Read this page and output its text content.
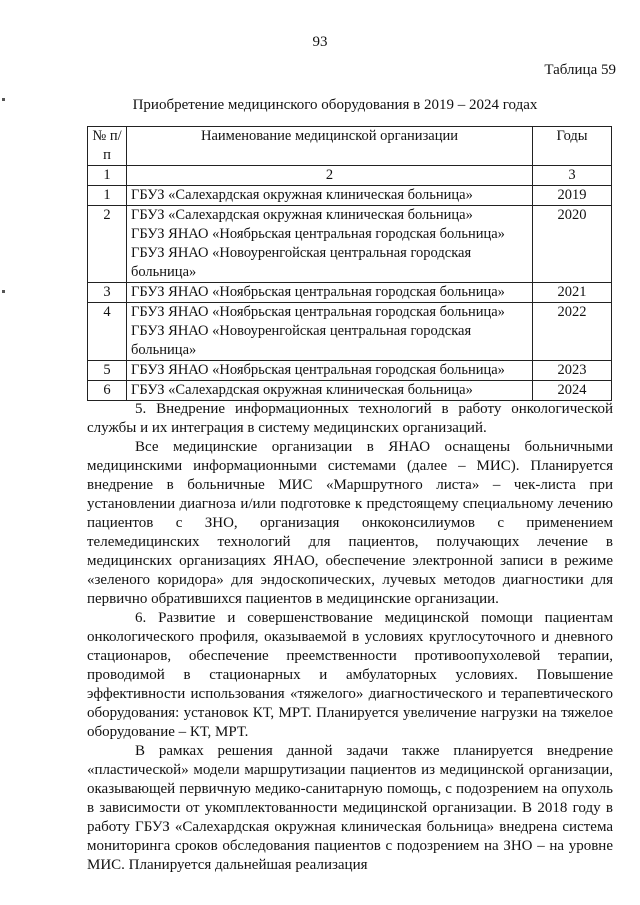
93
Таблица 59
Приобретение медицинского оборудования в 2019 – 2024 годах
№ п/п	Наименование медицинской организации	Годы
1	2	3
1	ГБУЗ «Салехардская окружная клиническая больница»	2019
2	ГБУЗ «Салехардская окружная клиническая больница»
ГБУЗ ЯНАО «Ноябрьская центральная городская больница»
ГБУЗ ЯНАО «Новоуренгойская центральная городская больница»	2020
3	ГБУЗ ЯНАО «Ноябрьская центральная городская больница»	2021
4	ГБУЗ ЯНАО «Ноябрьская центральная городская больница»
ГБУЗ ЯНАО «Новоуренгойская центральная городская больница»	2022
5	ГБУЗ ЯНАО «Ноябрьская центральная городская больница»	2023
6	ГБУЗ «Салехардская окружная клиническая больница»	2024

5. Внедрение информационных технологий в работу онкологической службы и их интеграция в систему медицинских организаций.

Все медицинские организации в ЯНАО оснащены больничными медицинскими информационными системами (далее – МИС). Планируется внедрение в больничные МИС «Маршрутного листа» – чек-листа при установлении диагноза и/или подготовке к предстоящему специальному лечению пациентов с ЗНО, организация онкоконсилиумов с применением телемедицинских технологий для пациентов, получающих лечение в медицинских организациях ЯНАО, обеспечение электронной записи в режиме «зеленого коридора» для эндоскопических, лучевых методов диагностики для первично обратившихся пациентов в медицинские организации.

6. Развитие и совершенствование медицинской помощи пациентам онкологического профиля, оказываемой в условиях круглосуточного и дневного стационаров, обеспечение преемственности противоопухолевой терапии, проводимой в стационарных и амбулаторных условиях. Повышение эффективности использования «тяжелого» диагностического и терапевтического оборудования: установок КТ, МРТ. Планируется увеличение нагрузки на тяжелое оборудование – КТ, МРТ.

В рамках решения данной задачи также планируется внедрение «пластической» модели маршрутизации пациентов из медицинской организации, оказывающей первичную медико-санитарную помощь, с подозрением на опухоль в зависимости от укомплектованности медицинской организации. В 2018 году в работу ГБУЗ «Салехардская окружная клиническая больница» внедрена система мониторинга сроков обследования пациентов с подозрением на ЗНО – на уровне МИС. Планируется дальнейшая реализация
